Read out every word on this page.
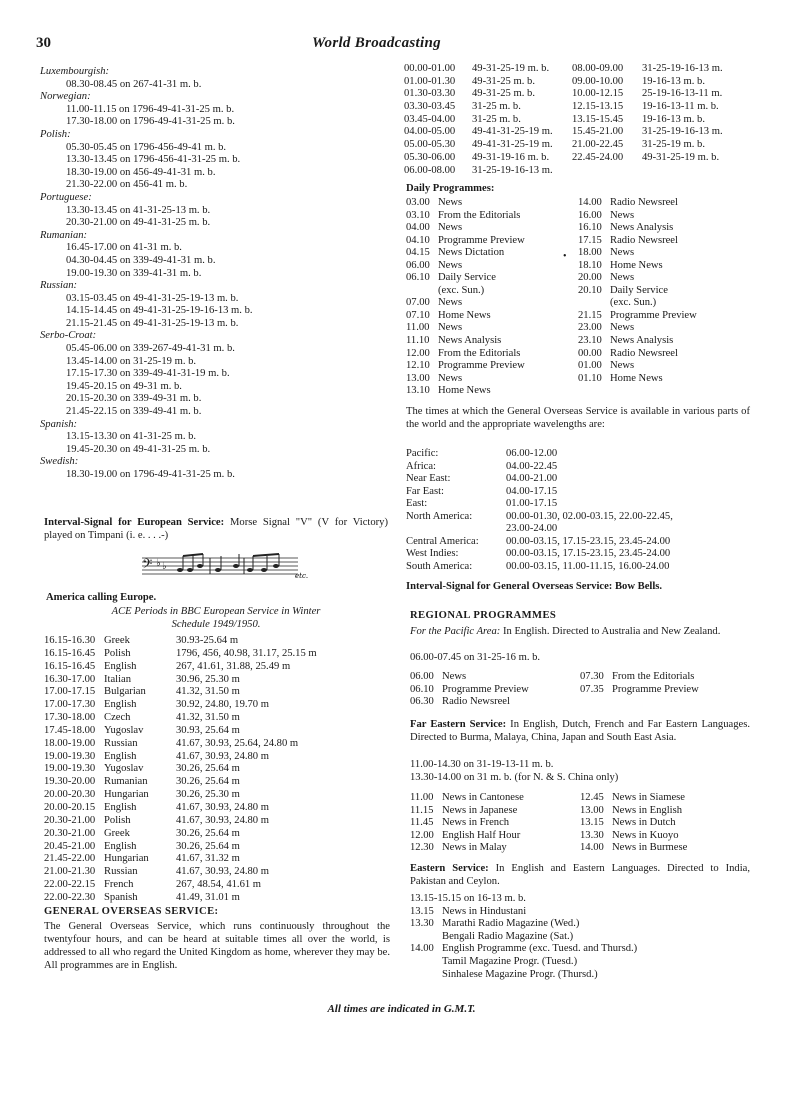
30	World Broadcasting
Luxembourgish:
08.30-08.45 on 267-41-31 m. b.
Norwegian:
11.00-11.15 on 1796-49-41-31-25 m. b.
17.30-18.00 on 1796-49-41-31-25 m. b.
Polish:
05.30-05.45 on 1796-456-49-41 m. b.
13.30-13.45 on 1796-456-41-31-25 m. b.
18.30-19.00 on 456-49-41-31 m. b.
21.30-22.00 on 456-41 m. b.
Portuguese:
13.30-13.45 on 41-31-25-13 m. b.
20.30-21.00 on 49-41-31-25 m. b.
Rumanian:
16.45-17.00 on 41-31 m. b.
04.30-04.45 on 339-49-41-31 m. b.
19.00-19.30 on 339-41-31 m. b.
Russian:
03.15-03.45 on 49-41-31-25-19-13 m. b.
14.15-14.45 on 49-41-31-25-19-16-13 m. b.
21.15-21.45 on 49-41-31-25-19-13 m. b.
Serbo-Croat:
05.45-06.00 on 339-267-49-41-31 m. b.
13.45-14.00 on 31-25-19 m. b.
17.15-17.30 on 339-49-41-31-19 m. b.
19.45-20.15 on 49-31 m. b.
20.15-20.30 on 339-49-31 m. b.
21.45-22.15 on 339-49-41 m. b.
Spanish:
13.15-13.30 on 41-31-25 m. b.
19.45-20.30 on 49-41-31-25 m. b.
Swedish:
18.30-19.00 on 1796-49-41-31-25 m. b.
Interval-Signal for European Service: Morse Signal "V" (V for Victory) played on Timpani (i. e. . . .-)
𝄢 ♭ ♭
etc.
America calling Europe.
ACE Periods in BBC European Service in Winter
Schedule 1949/1950.
16.15-16.30 Greek	30.93-25.64 m
16.15-16.45 Polish	1796, 456, 40.98, 31.17, 25.15 m
16.15-16.45 English	267, 41.61, 31.88, 25.49 m
16.30-17.00 Italian	30.96, 25.30 m
17.00-17.15 Bulgarian	41.32, 31.50 m
17.00-17.30 English	30.92, 24.80, 19.70 m
17.30-18.00 Czech	41.32, 31.50 m
17.45-18.00 Yugoslav	30.93, 25.64 m
18.00-19.00 Russian	41.67, 30.93, 25.64, 24.80 m
19.00-19.30 English	41.67, 30.93, 24.80 m
19.00-19.30 Yugoslav	30.26, 25.64 m
19.30-20.00 Rumanian	30.26, 25.64 m
20.00-20.30 Hungarian	30.26, 25.30 m
20.00-20.15 English	41.67, 30.93, 24.80 m
20.30-21.00 Polish	41.67, 30.93, 24.80 m
20.30-21.00 Greek	30.26, 25.64 m
20.45-21.00 English	30.26, 25.64 m
21.45-22.00 Hungarian	41.67, 31.32 m
21.00-21.30 Russian	41.67, 30.93, 24.80 m
22.00-22.15 French	267, 48.54, 41.61 m
22.00-22.30 Spanish	41.49, 31.01 m
GENERAL OVERSEAS SERVICE:
The General Overseas Service, which runs continuously throughout the twentyfour hours, and can be heard at suitable times all over the world, is addressed to all who regard the United Kingdom as home, wherever they may be. All programmes are in English.
00.00-01.00	49-31-25-19 m. b.	08.00-09.00	31-25-19-16-13 m.
01.00-01.30	49-31-25 m. b.	09.00-10.00	19-16-13 m. b.
01.30-03.30	49-31-25 m. b.	10.00-12.15	25-19-16-13-11 m.
03.30-03.45	31-25 m. b.	12.15-13.15	19-16-13-11 m. b.
03.45-04.00	31-25 m. b.	13.15-15.45	19-16-13 m. b.
04.00-05.00	49-41-31-25-19 m.	15.45-21.00	31-25-19-16-13 m.
05.00-05.30	49-41-31-25-19 m.	21.00-22.45	31-25-19 m. b.
05.30-06.00	49-31-19-16 m. b.	22.45-24.00	49-31-25-19 m. b.
06.00-08.00	31-25-19-16-13 m.
Daily Programmes:
03.00 News
03.10 From the Editorials
04.00 News
04.10 Programme Preview
04.15 News Dictation
06.00 News
06.10 Daily Service
(exc. Sun.)
07.00 News
07.10 Home News
11.00 News
11.10 News Analysis
12.00 From the Editorials
12.10 Programme Preview
13.00 News
13.10 Home News
14.00 Radio Newsreel
16.00 News
16.10 News Analysis
17.15 Radio Newsreel
18.00 News
18.10 Home News
20.00 News
20.10 Daily Service
(exc. Sun.)
21.15 Programme Preview
23.00 News
23.10 News Analysis
00.00 Radio Newsreel
01.00 News
01.10 Home News
•
The times at which the General Overseas Service is available in various parts of the world and the appropriate wavelengths are:
Pacific:	06.00-12.00
Africa:	04.00-22.45
Near East:	04.00-21.00
Far East:	04.00-17.15
East:	01.00-17.15
North America:	00.00-01.30, 02.00-03.15, 22.00-22.45,
23.00-24.00
Central America:	00.00-03.15, 17.15-23.15, 23.45-24.00
West Indies:	00.00-03.15, 17.15-23.15, 23.45-24.00
South America:	00.00-03.15, 11.00-11.15, 16.00-24.00
Interval-Signal for General Overseas Service: Bow Bells.
REGIONAL PROGRAMMES
For the Pacific Area: In English. Directed to Australia and New Zealand.
06.00-07.45 on 31-25-16 m. b.
06.00 News
06.10 Programme Preview
06.30 Radio Newsreel
07.30 From the Editorials
07.35 Programme Preview
Far Eastern Service: In English, Dutch, French and Far Eastern Languages. Directed to Burma, Malaya, China, Japan and South East Asia.
11.00-14.30 on 31-19-13-11 m. b.
13.30-14.00 on 31 m. b. (for N. & S. China only)
11.00 News in Cantonese
11.15 News in Japanese
11.45 News in French
12.00 English Half Hour
12.30 News in Malay
12.45 News in Siamese
13.00 News in English
13.15 News in Dutch
13.30 News in Kuoyo
14.00 News in Burmese
Eastern Service: In English and Eastern Languages. Directed to India, Pakistan and Ceylon.
13.15-15.15 on 16-13 m. b.
13.15 News in Hindustani
13.30 Marathi Radio Magazine (Wed.)
Bengali Radio Magazine (Sat.)
14.00 English Programme (exc. Tuesd. and Thursd.)
Tamil Magazine Progr. (Tuesd.)
Sinhalese Magazine Progr. (Thursd.)
All times are indicated in G.M.T.
